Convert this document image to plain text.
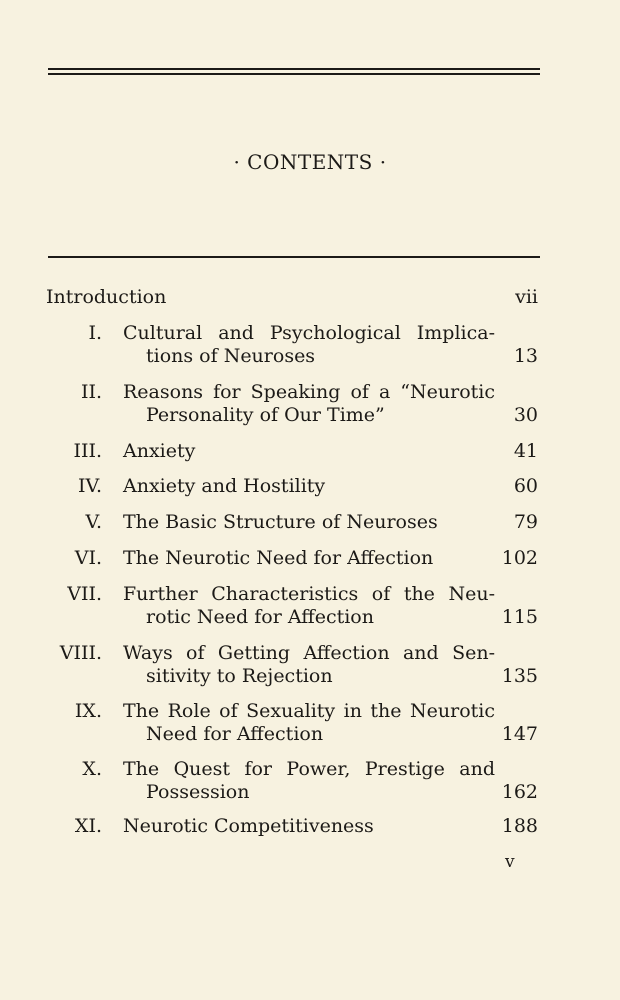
· CONTENTS ·
Introduction	vii
I. Cultural and Psychological Implica-
tions of Neuroses	13
II. Reasons for Speaking of a “Neurotic
Personality of Our Time”	30
III. Anxiety	41
IV. Anxiety and Hostility	60
V. The Basic Structure of Neuroses	79
VI. The Neurotic Need for Affection	102
VII. Further Characteristics of the Neu-
rotic Need for Affection	115
VIII. Ways of Getting Affection and Sen-
sitivity to Rejection	135
IX. The Role of Sexuality in the Neurotic
Need for Affection	147
X. The Quest for Power, Prestige and
Possession	162
XI. Neurotic Competitiveness	188
v
